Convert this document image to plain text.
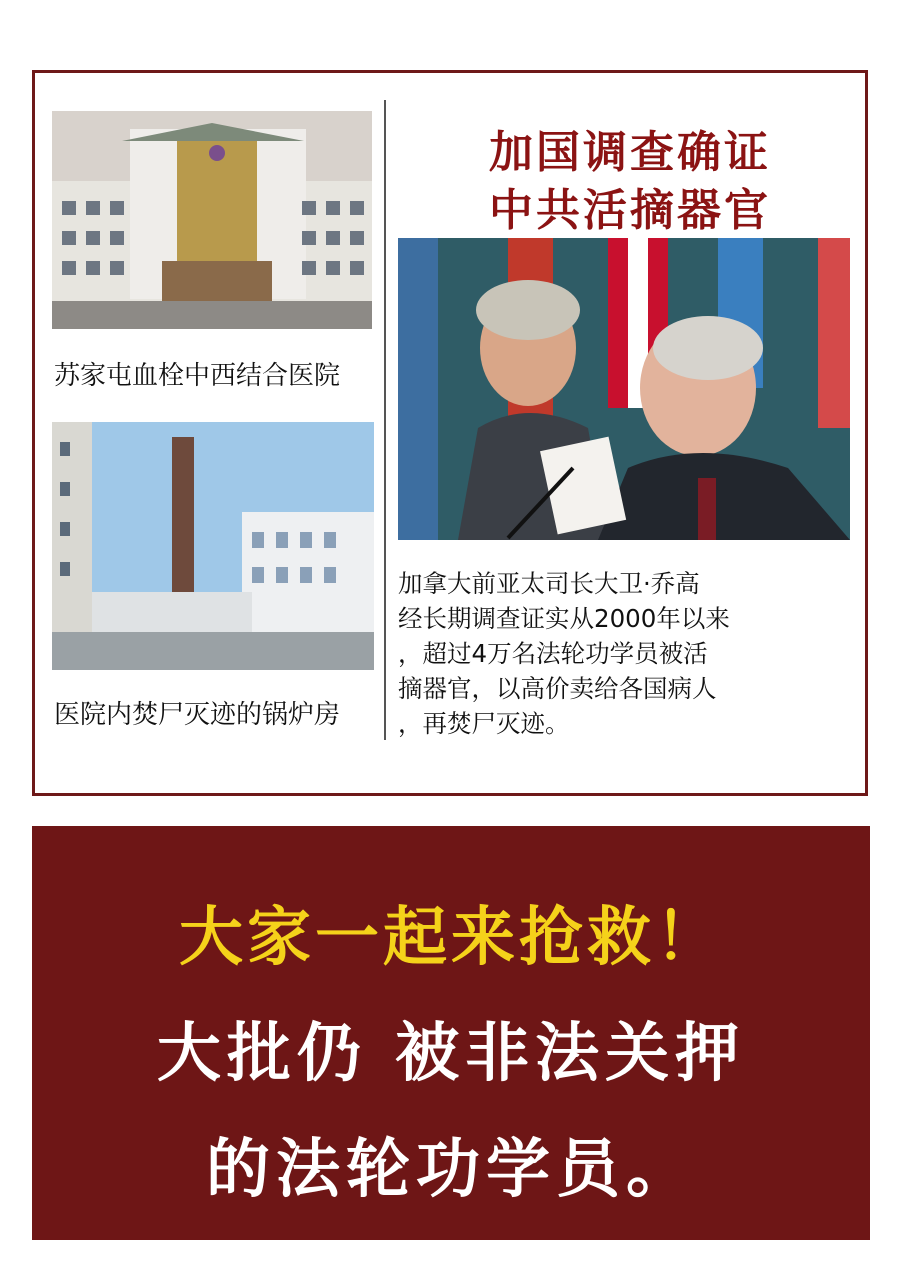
苏家屯血栓中西结合医院
医院内焚尸灭迹的锅炉房
加国调查确证
中共活摘器官
加拿大前亚太司长大卫·乔高
经长期调查证实从2000年以来
，超过4万名法轮功学员被活
摘器官，以高价卖给各国病人
，再焚尸灭迹。
大家一起来抢救！
大批仍 被非法关押
的法轮功学员。
